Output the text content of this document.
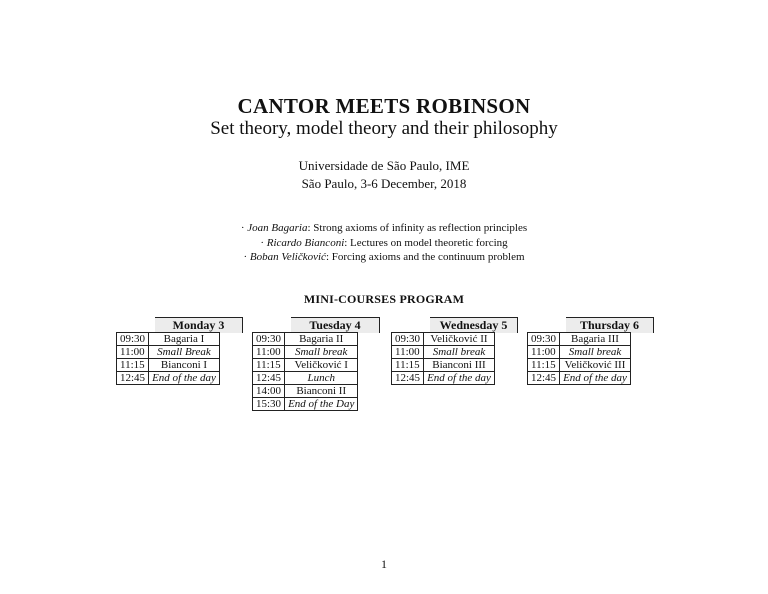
CANTOR MEETS ROBINSON
Set theory, model theory and their philosophy
Universidade de São Paulo, IME
São Paulo, 3-6 December, 2018
· Joan Bagaria: Strong axioms of infinity as reflection principles
· Ricardo Bianconi: Lectures on model theoretic forcing
· Boban Veličković: Forcing axioms and the continuum problem
MINI-COURSES PROGRAM
Monday 3
09:30	Bagaria I
11:00	Small Break
11:15	Bianconi I
12:45	End of the day
Tuesday 4
09:30	Bagaria II
11:00	Small break
11:15	Veličković I
12:45	Lunch
14:00	Bianconi II
15:30	End of the Day
Wednesday 5
09:30	Veličković II
11:00	Small break
11:15	Bianconi III
12:45	End of the day
Thursday 6
09:30	Bagaria III
11:00	Small break
11:15	Veličković III
12:45	End of the day
1
